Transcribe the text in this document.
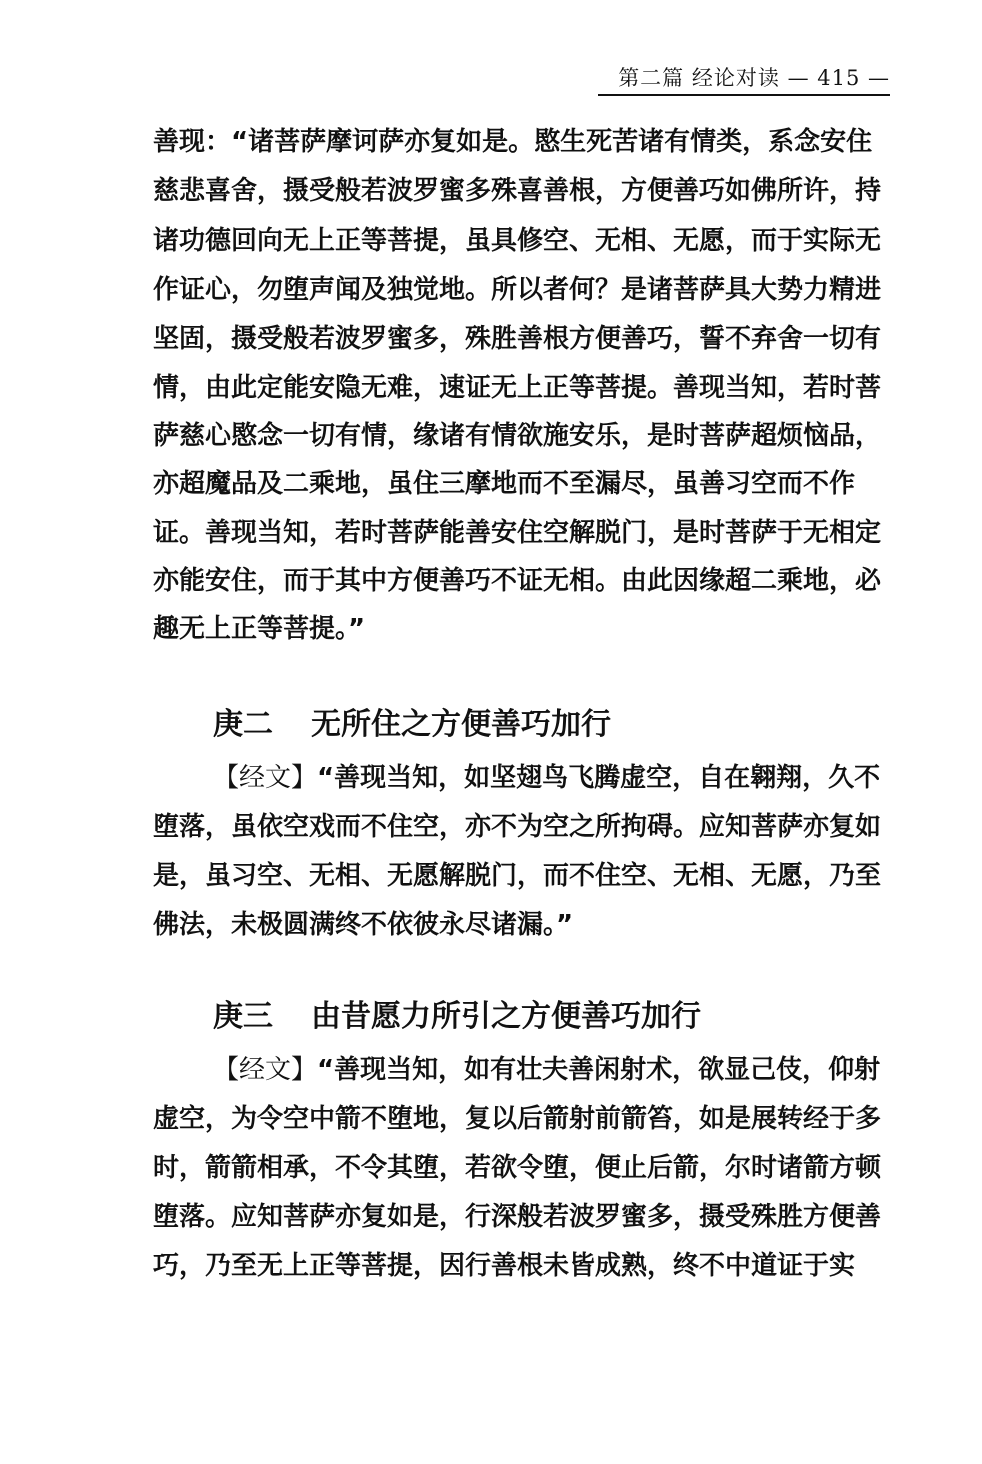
第二篇 经论对读 — 415 —
善现：“诸菩萨摩诃萨亦复如是。愍生死苦诸有情类，系念安住
慈悲喜舍，摄受般若波罗蜜多殊喜善根，方便善巧如佛所许，持
诸功德回向无上正等菩提，虽具修空、无相、无愿，而于实际无
作证心，勿堕声闻及独觉地。所以者何？是诸菩萨具大势力精进
坚固，摄受般若波罗蜜多，殊胜善根方便善巧，誓不弃舍一切有
情，由此定能安隐无难，速证无上正等菩提。善现当知，若时菩
萨慈心愍念一切有情，缘诸有情欲施安乐，是时菩萨超烦恼品，
亦超魔品及二乘地，虽住三摩地而不至漏尽，虽善习空而不作
证。善现当知，若时菩萨能善安住空解脱门，是时菩萨于无相定
亦能安住，而于其中方便善巧不证无相。由此因缘超二乘地，必
趣无上正等菩提。”
庚二 无所住之方便善巧加行
【经文】“善现当知，如坚翅鸟飞腾虚空，自在翱翔，久不
堕落，虽依空戏而不住空，亦不为空之所拘碍。应知菩萨亦复如
是，虽习空、无相、无愿解脱门，而不住空、无相、无愿，乃至
佛法，未极圆满终不依彼永尽诸漏。”
庚三 由昔愿力所引之方便善巧加行
【经文】“善现当知，如有壮夫善闲射术，欲显己伎，仰射
虚空，为令空中箭不堕地，复以后箭射前箭笞，如是展转经于多
时，箭箭相承，不令其堕，若欲令堕，便止后箭，尔时诸箭方顿
堕落。应知菩萨亦复如是，行深般若波罗蜜多，摄受殊胜方便善
巧，乃至无上正等菩提，因行善根未皆成熟，终不中道证于实
